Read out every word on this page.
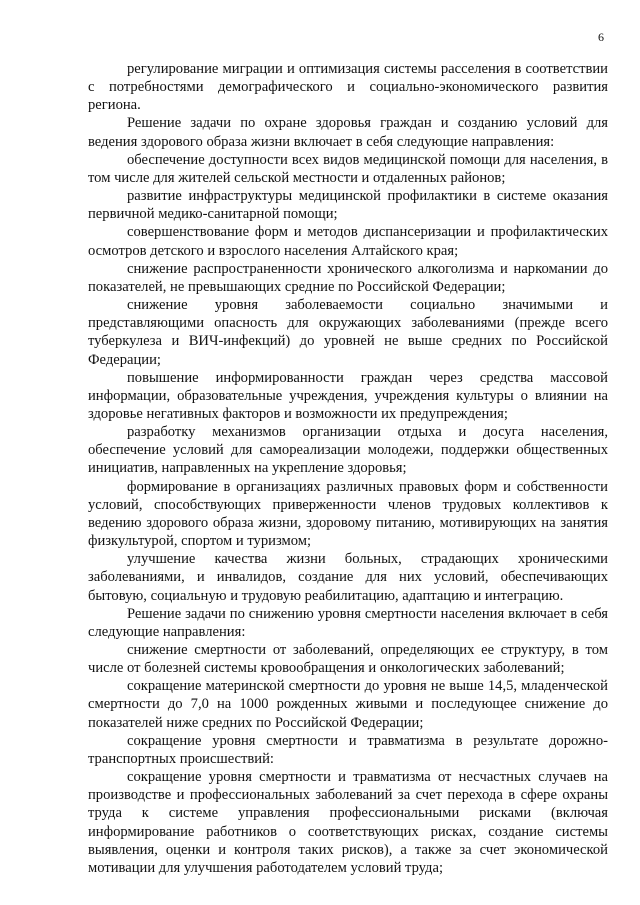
6

регулирование миграции и оптимизация системы расселения в соответствии с потребностями демографического и социально-экономического развития региона.

Решение задачи по охране здоровья граждан и созданию условий для ведения здорового образа жизни включает в себя следующие направления:

обеспечение доступности всех видов медицинской помощи для населения, в том числе для жителей сельской местности и отдаленных районов;

развитие инфраструктуры медицинской профилактики в системе оказания первичной медико-санитарной помощи;

совершенствование форм и методов диспансеризации и профилактических осмотров детского и взрослого населения Алтайского края;

снижение распространенности хронического алкоголизма и наркомании до показателей, не превышающих средние по Российской Федерации;

снижение уровня заболеваемости социально значимыми и представляющими опасность для окружающих заболеваниями (прежде всего туберкулеза и ВИЧ-инфекций) до уровней не выше средних по Российской Федерации;

повышение информированности граждан через средства массовой информации, образовательные учреждения, учреждения культуры о влиянии на здоровье негативных факторов и возможности их предупреждения;

разработку механизмов организации отдыха и досуга населения, обеспечение условий для самореализации молодежи, поддержки общественных инициатив, направленных на укрепление здоровья;

формирование в организациях различных правовых форм и собственности условий, способствующих приверженности членов трудовых коллективов к ведению здорового образа жизни, здоровому питанию, мотивирующих на занятия физкультурой, спортом и туризмом;

улучшение качества жизни больных, страдающих хроническими заболеваниями, и инвалидов, создание для них условий, обеспечивающих бытовую, социальную и трудовую реабилитацию, адаптацию и интеграцию.

Решение задачи по снижению уровня смертности населения включает в себя следующие направления:

снижение смертности от заболеваний, определяющих ее структуру, в том числе от болезней системы кровообращения и онкологических заболеваний;

сокращение материнской смертности до уровня не выше 14,5, младенческой смертности до 7,0 на 1000 рожденных живыми и последующее снижение до показателей ниже средних по Российской Федерации;

сокращение уровня смертности и травматизма в результате дорожно-транспортных происшествий:

сокращение уровня смертности и травматизма от несчастных случаев на производстве и профессиональных заболеваний за счет перехода в сфере охраны труда к системе управления профессиональными рисками (включая информирование работников о соответствующих рисках, создание системы выявления, оценки и контроля таких рисков), а также за счет экономической мотивации для улучшения работодателем условий труда;
